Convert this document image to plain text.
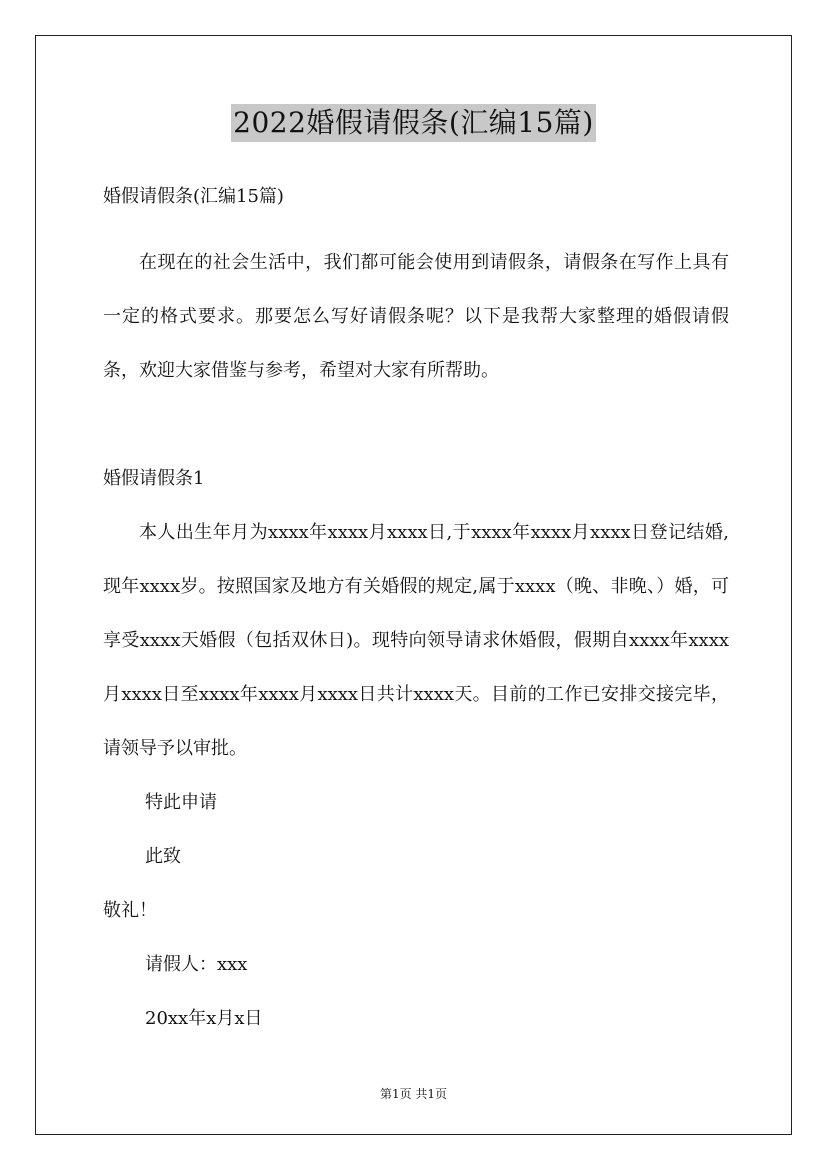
2022婚假请假条(汇编15篇)

婚假请假条(汇编15篇)

在现在的社会生活中，我们都可能会使用到请假条，请假条在写作上具有一定的格式要求。那要怎么写好请假条呢？以下是我帮大家整理的婚假请假条，欢迎大家借鉴与参考，希望对大家有所帮助。

婚假请假条1

本人出生年月为xxxx年xxxx月xxxx日,于xxxx年xxxx月xxxx日登记结婚,现年xxxx岁。按照国家及地方有关婚假的规定,属于xxxx（晚、非晚、）婚，可享受xxxx天婚假（包括双休日)。现特向领导请求休婚假，假期自xxxx年xxxx月xxxx日至xxxx年xxxx月xxxx日共计xxxx天。目前的工作已安排交接完毕，请领导予以审批。

特此申请

此致

敬礼！

请假人：xxx

20xx年x月x日

第1页 共1页
